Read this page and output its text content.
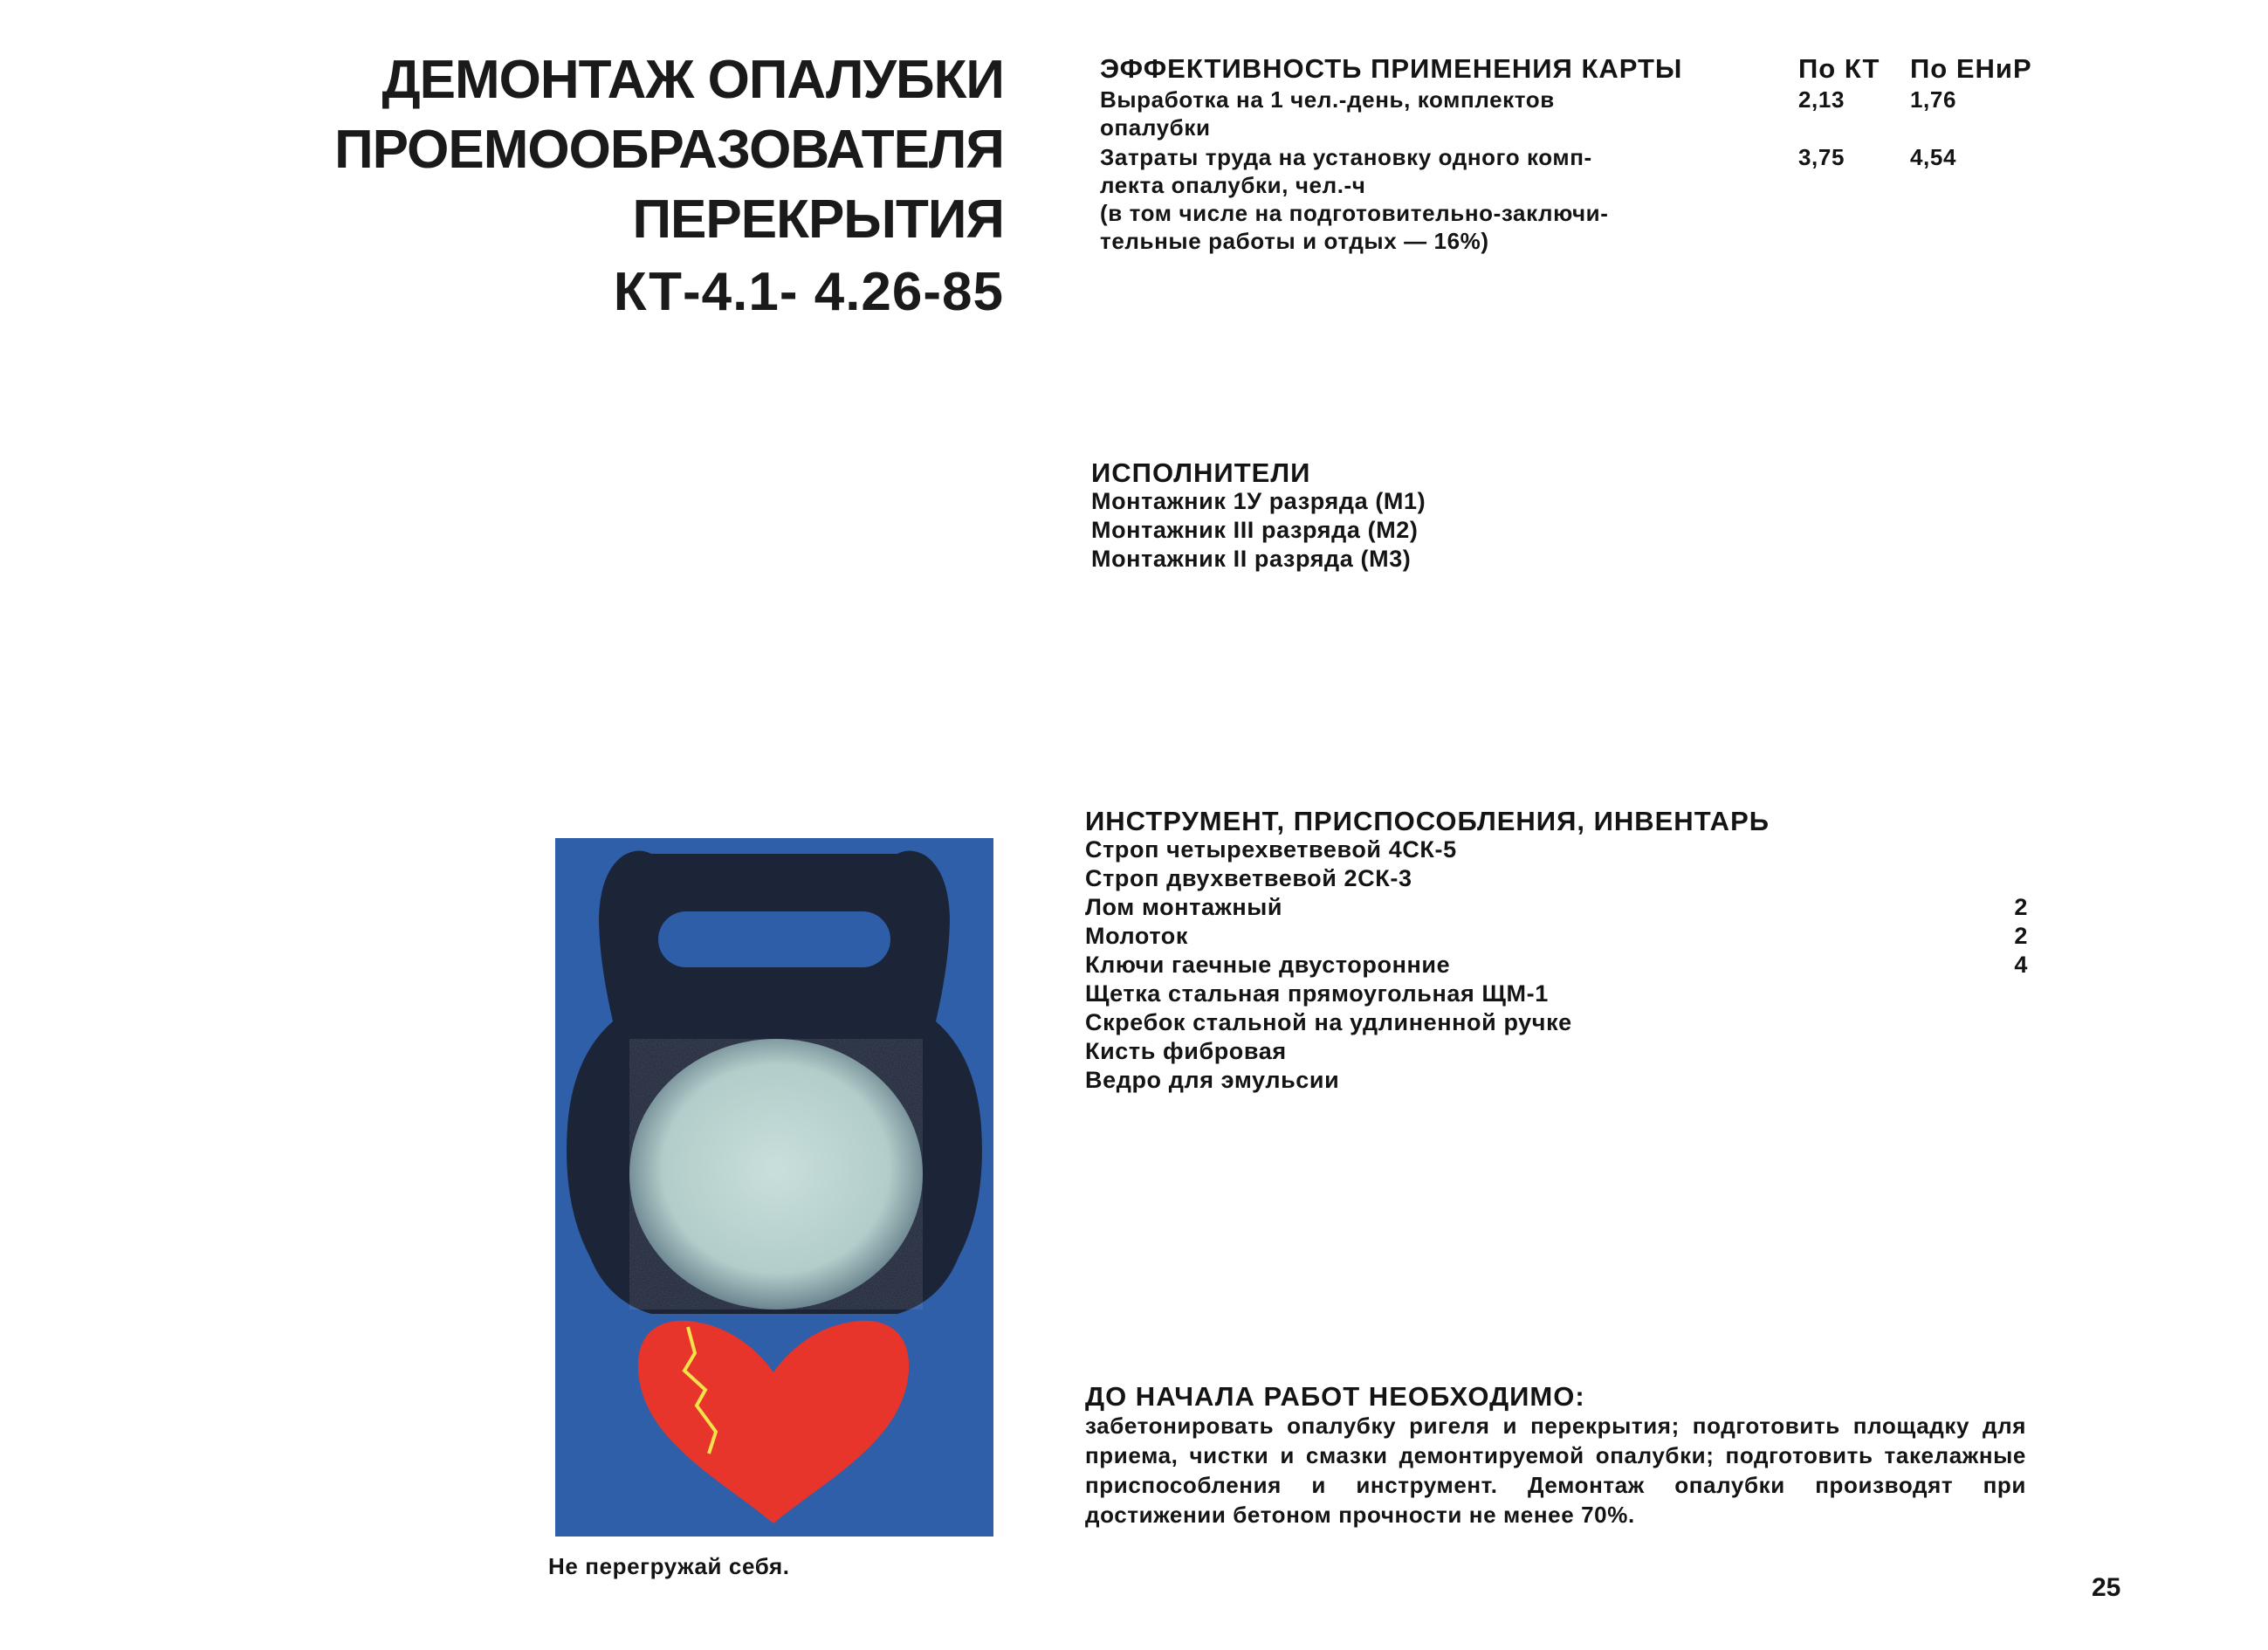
ДЕМОНТАЖ ОПАЛУБКИ
ПРОЕМООБРАЗОВАТЕЛЯ
ПЕРЕКРЫТИЯ
КТ-4.1- 4.26-85
ЭФФЕКТИВНОСТЬ ПРИМЕНЕНИЯ КАРТЫ	По КТ По ЕНиР
Выработка на 1 чел.-день, комплектов
опалубки
2,13	1,76
Затраты труда на установку одного комп-
лекта опалубки, чел.-ч
(в том числе на подготовительно-заключи-
тельные работы и отдых — 16%)
3,75	4,54
ИСПОЛНИТЕЛИ
Монтажник 1У разряда (М1)
Монтажник III разряда (М2)
Монтажник II разряда (М3)
ИНСТРУМЕНТ, ПРИСПОСОБЛЕНИЯ, ИНВЕНТАРЬ
Строп четырехветвевой 4СК-5
Строп двухветвевой 2СК-3
Лом монтажный	2
Молоток	2
Ключи гаечные двусторонние	4
Щетка стальная прямоугольная ЩМ-1
Скребок стальной на удлиненной ручке
Кисть фибровая
Ведро для эмульсии
ДО НАЧАЛА РАБОТ НЕОБХОДИМО:
забетонировать опалубку ригеля и перекрытия; подготовить площадку для приема, чистки и смазки демонтируемой опалубки; подготовить такелажные приспособления и инструмент. Демонтаж опалубки производят при достижении бетоном прочности не менее 70%.
Не перегружай себя.
25
